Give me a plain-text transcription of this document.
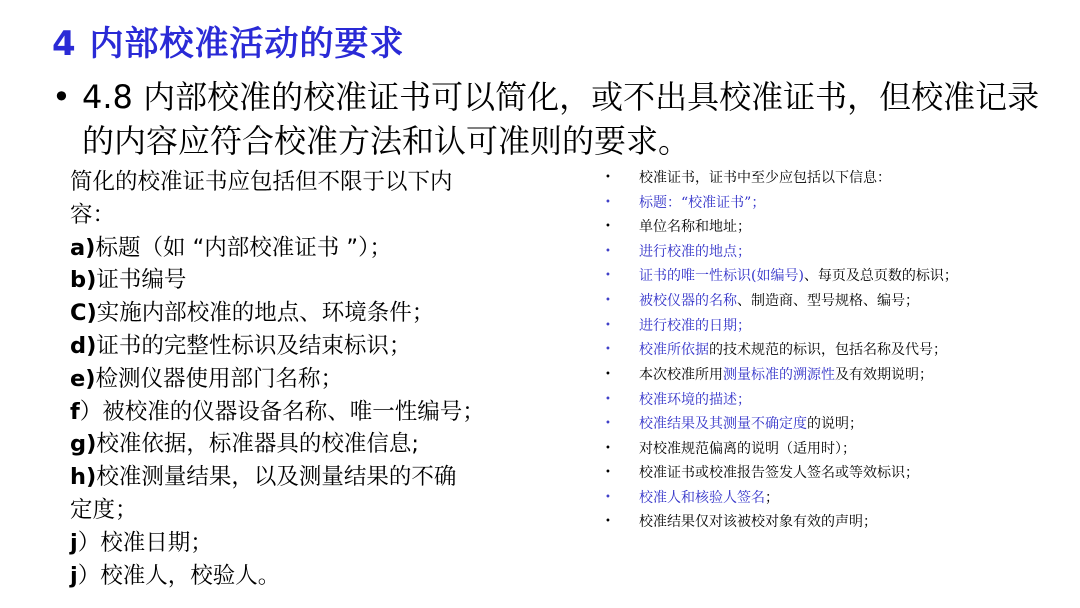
4 内部校准活动的要求
• 4.8 内部校准的校准证书可以简化，或不出具校准证书，但校准记录的内容应符合校准方法和认可准则的要求。
简化的校准证书应包括但不限于以下内
容：
a)标题（如 “内部校准证书 ”）；
b)证书编号
C)实施内部校准的地点、环境条件；
d)证书的完整性标识及结束标识；
e)检测仪器使用部门名称；
f）被校准的仪器设备名称、唯一性编号；
g)校准依据，标准器具的校准信息;
h)校准测量结果，以及测量结果的不确
定度；
j）校准日期；
j）校准人，校验人。
•	校准证书，证书中至少应包括以下信息：
•	标题：“校准证书”；
•	单位名称和地址；
•	进行校准的地点；
•	证书的唯一性标识(如编号)、每页及总页数的标识；
•	被校仪器的名称、制造商、型号规格、编号；
•	进行校准的日期；
•	校准所依据的技术规范的标识，包括名称及代号；
•	本次校准所用测量标准的溯源性及有效期说明；
•	校准环境的描述；
•	校准结果及其测量不确定度的说明；
•	对校准规范偏离的说明（适用时）；
•	校准证书或校准报告签发人签名或等效标识；
•	校准人和核验人签名；
•	校准结果仅对该被校对象有效的声明；
